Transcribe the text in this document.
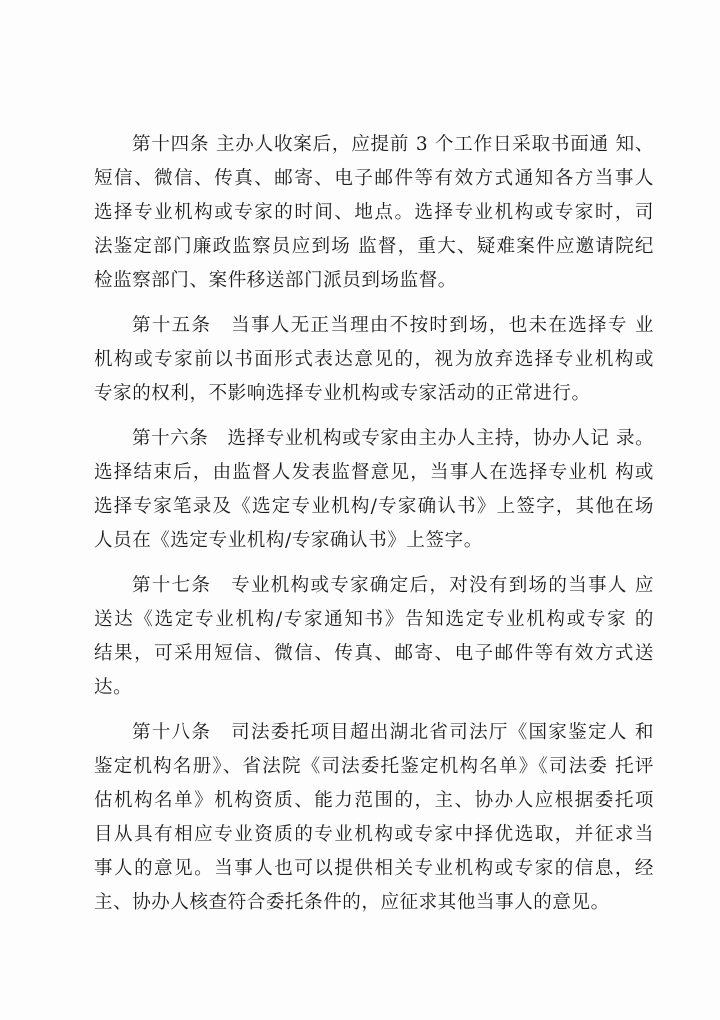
第十四条 主办人收案后，应提前 3 个工作日采取书面通 知、
短信、微信、传真、邮寄、电子邮件等有效方式通知各方当事人
选择专业机构或专家的时间、地点。选择专业机构或专家时，司
法鉴定部门廉政监察员应到场 监督，重大、疑难案件应邀请院纪
检监察部门、案件移送部门派员到场监督。
第十五条　当事人无正当理由不按时到场，也未在选择专 业
机构或专家前以书面形式表达意见的，视为放弃选择专业机构或
专家的权利，不影响选择专业机构或专家活动的正常进行。
第十六条　选择专业机构或专家由主办人主持，协办人记 录。
选择结束后，由监督人发表监督意见，当事人在选择专业机 构或
选择专家笔录及《选定专业机构/专家确认书》上签字，其他在场
人员在《选定专业机构/专家确认书》上签字。
第十七条　专业机构或专家确定后，对没有到场的当事人 应
送达《选定专业机构/专家通知书》告知选定专业机构或专家 的
结果，可采用短信、微信、传真、邮寄、电子邮件等有效方式送
达。
第十八条　司法委托项目超出湖北省司法厅《国家鉴定人 和
鉴定机构名册》、省法院《司法委托鉴定机构名单》《司法委 托评
估机构名单》机构资质、能力范围的，主、协办人应根据委托项
目从具有相应专业资质的专业机构或专家中择优选取，并征求当
事人的意见。当事人也可以提供相关专业机构或专家的信息，经
主、协办人核查符合委托条件的，应征求其他当事人的意见。
